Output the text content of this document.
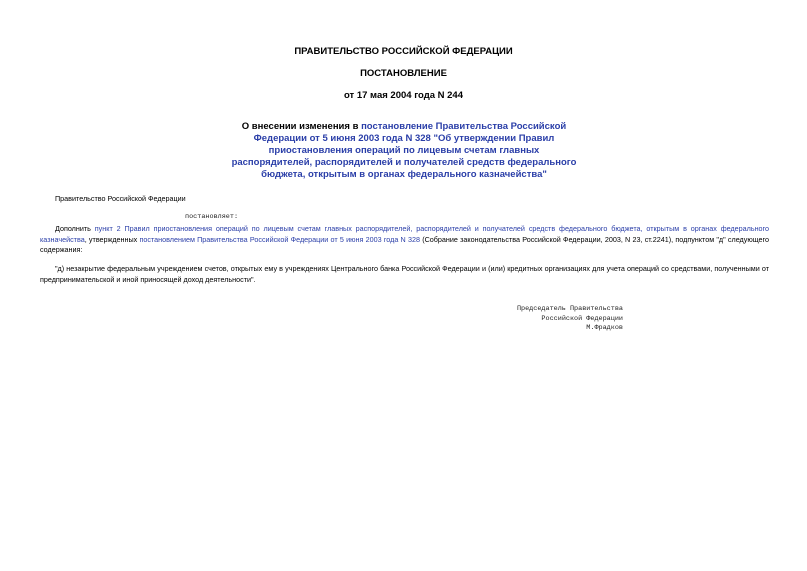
ПРАВИТЕЛЬСТВО РОССИЙСКОЙ ФЕДЕРАЦИИ
ПОСТАНОВЛЕНИЕ
от 17 мая 2004 года N 244
О внесении изменения в постановление Правительства Российской Федерации от 5 июня 2003 года N 328 "Об утверждении Правил приостановления операций по лицевым счетам главных распорядителей, распорядителей и получателей средств федерального бюджета, открытым в органах федерального казначейства"
Правительство Российской Федерации
постановляет:
Дополнить пункт 2 Правил приостановления операций по лицевым счетам главных распорядителей, распорядителей и получателей средств федерального бюджета, открытым в органах федерального казначейства, утвержденных постановлением Правительства Российской Федерации от 5 июня 2003 года N 328 (Собрание законодательства Российской Федерации, 2003, N 23, ст.2241), подпунктом "д" следующего содержания:
"д) незакрытие федеральным учреждением счетов, открытых ему в учреждениях Центрального банка Российской Федерации и (или) кредитных организациях для учета операций со средствами, полученными от предпринимательской и иной приносящей доход деятельности".
Председатель Правительства
Российской Федерации
М.Фрадков
